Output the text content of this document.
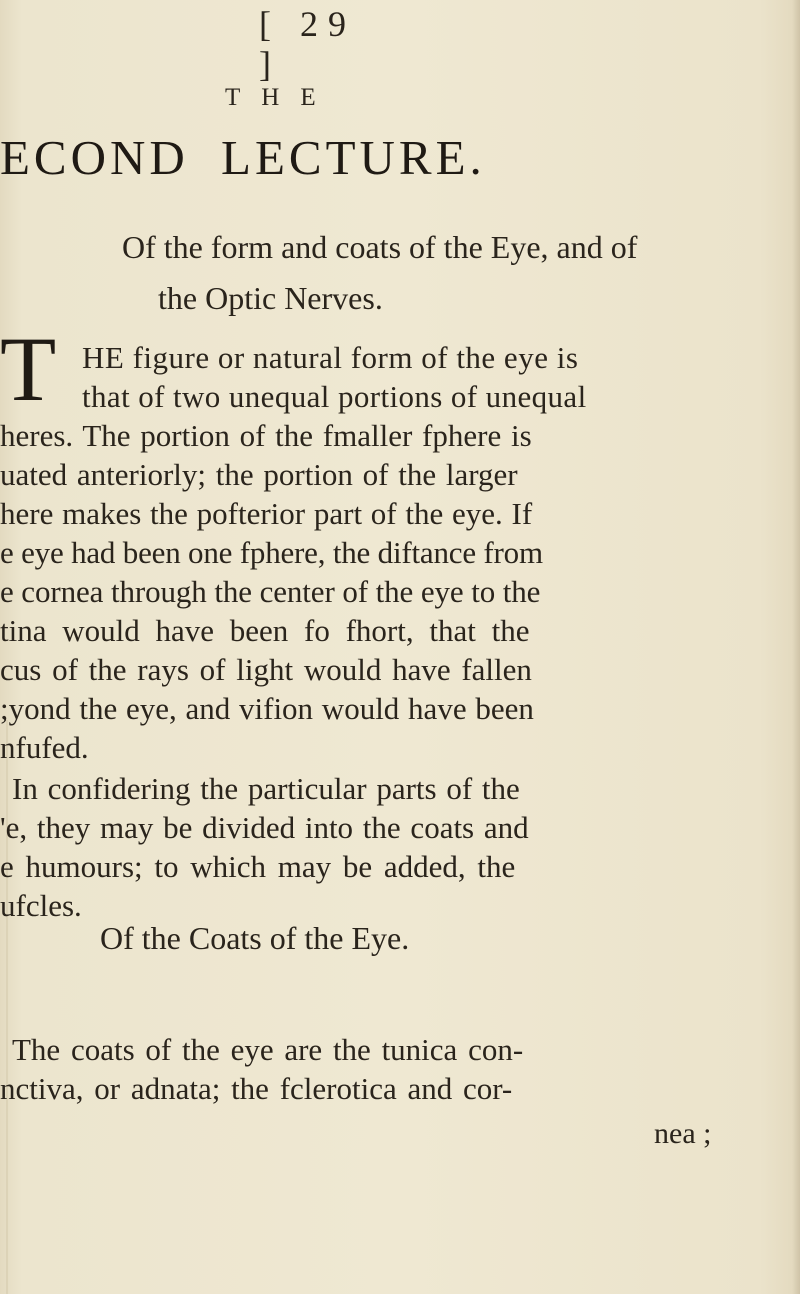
[ 29 ]
THE
ECOND LECTURE.
Of the form and coats of the Eye, and of
the Optic Nerves.
T HE figure or natural form of the eye is
that of two unequal portions of unequal
heres. The portion of the fmaller fphere is
uated anteriorly; the portion of the larger
here makes the pofterior part of the eye. If
e eye had been one fphere, the diftance from
e cornea through the center of the eye to the
tina would have been fo fhort, that the
cus of the rays of light would have fallen
;yond the eye, and vifion would have been
nfufed.
In confidering the particular parts of the
'e, they may be divided into the coats and
e humours; to which may be added, the
ufcles.
Of the Coats of the Eye.
The coats of the eye are the tunica con-
nctiva, or adnata; the fclerotica and cor-
nea ;
